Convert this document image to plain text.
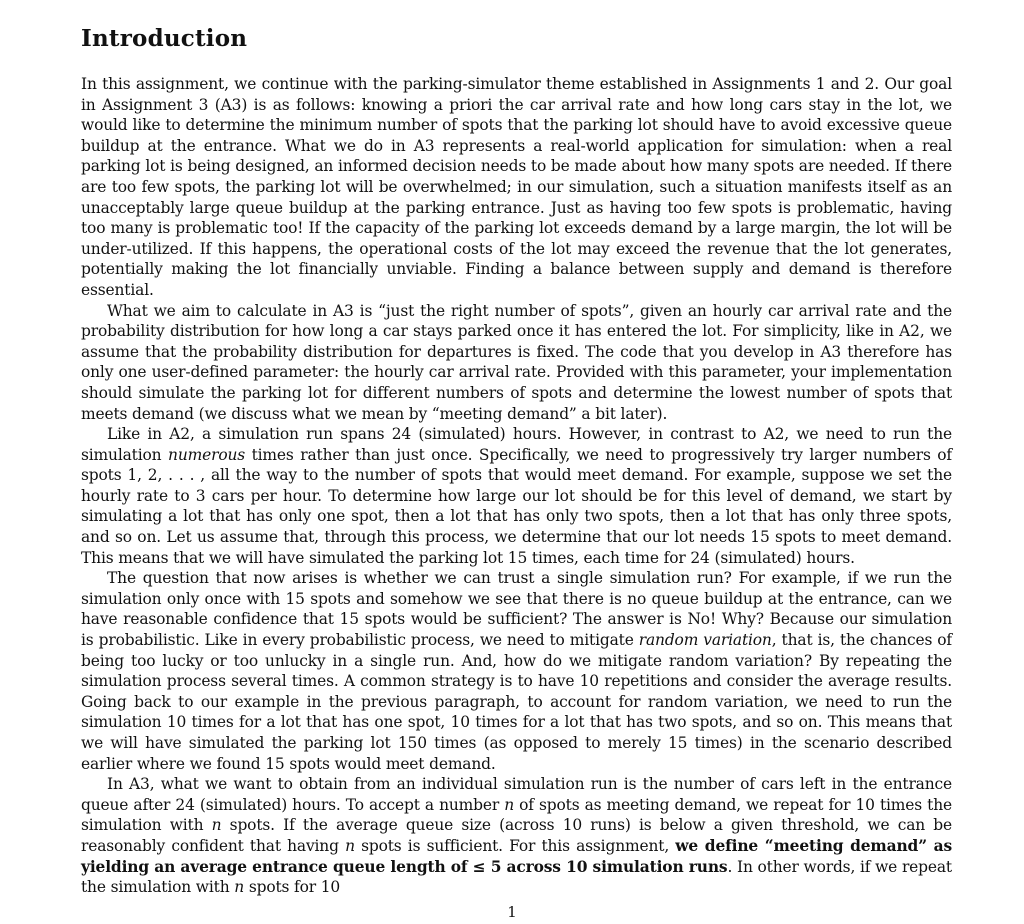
Introduction

In this assignment, we continue with the parking-simulator theme established in Assignments 1 and 2. Our goal in Assignment 3 (A3) is as follows: knowing a priori the car arrival rate and how long cars stay in the lot, we would like to determine the minimum number of spots that the parking lot should have to avoid excessive queue buildup at the entrance. What we do in A3 represents a real-world application for simulation: when a real parking lot is being designed, an informed decision needs to be made about how many spots are needed. If there are too few spots, the parking lot will be overwhelmed; in our simulation, such a situation manifests itself as an unacceptably large queue buildup at the parking entrance. Just as having too few spots is problematic, having too many is problematic too! If the capacity of the parking lot exceeds demand by a large margin, the lot will be under-utilized. If this happens, the operational costs of the lot may exceed the revenue that the lot generates, potentially making the lot financially unviable. Finding a balance between supply and demand is therefore essential.

What we aim to calculate in A3 is “just the right number of spots”, given an hourly car arrival rate and the probability distribution for how long a car stays parked once it has entered the lot. For simplicity, like in A2, we assume that the probability distribution for departures is fixed. The code that you develop in A3 therefore has only one user-defined parameter: the hourly car arrival rate. Provided with this parameter, your implementation should simulate the parking lot for different numbers of spots and determine the lowest number of spots that meets demand (we discuss what we mean by “meeting demand” a bit later).

Like in A2, a simulation run spans 24 (simulated) hours. However, in contrast to A2, we need to run the simulation numerous times rather than just once. Specifically, we need to progressively try larger numbers of spots 1, 2, . . . , all the way to the number of spots that would meet demand. For example, suppose we set the hourly rate to 3 cars per hour. To determine how large our lot should be for this level of demand, we start by simulating a lot that has only one spot, then a lot that has only two spots, then a lot that has only three spots, and so on. Let us assume that, through this process, we determine that our lot needs 15 spots to meet demand. This means that we will have simulated the parking lot 15 times, each time for 24 (simulated) hours.

The question that now arises is whether we can trust a single simulation run? For example, if we run the simulation only once with 15 spots and somehow we see that there is no queue buildup at the entrance, can we have reasonable confidence that 15 spots would be sufficient? The answer is No! Why? Because our simulation is probabilistic. Like in every probabilistic process, we need to mitigate random variation, that is, the chances of being too lucky or too unlucky in a single run. And, how do we mitigate random variation? By repeating the simulation process several times. A common strategy is to have 10 repetitions and consider the average results. Going back to our example in the previous paragraph, to account for random variation, we need to run the simulation 10 times for a lot that has one spot, 10 times for a lot that has two spots, and so on. This means that we will have simulated the parking lot 150 times (as opposed to merely 15 times) in the scenario described earlier where we found 15 spots would meet demand.

In A3, what we want to obtain from an individual simulation run is the number of cars left in the entrance queue after 24 (simulated) hours. To accept a number n of spots as meeting demand, we repeat for 10 times the simulation with n spots. If the average queue size (across 10 runs) is below a given threshold, we can be reasonably confident that having n spots is sufficient. For this assignment, we define “meeting demand” as yielding an average entrance queue length of ≤ 5 across 10 simulation runs. In other words, if we repeat the simulation with n spots for 10

1
